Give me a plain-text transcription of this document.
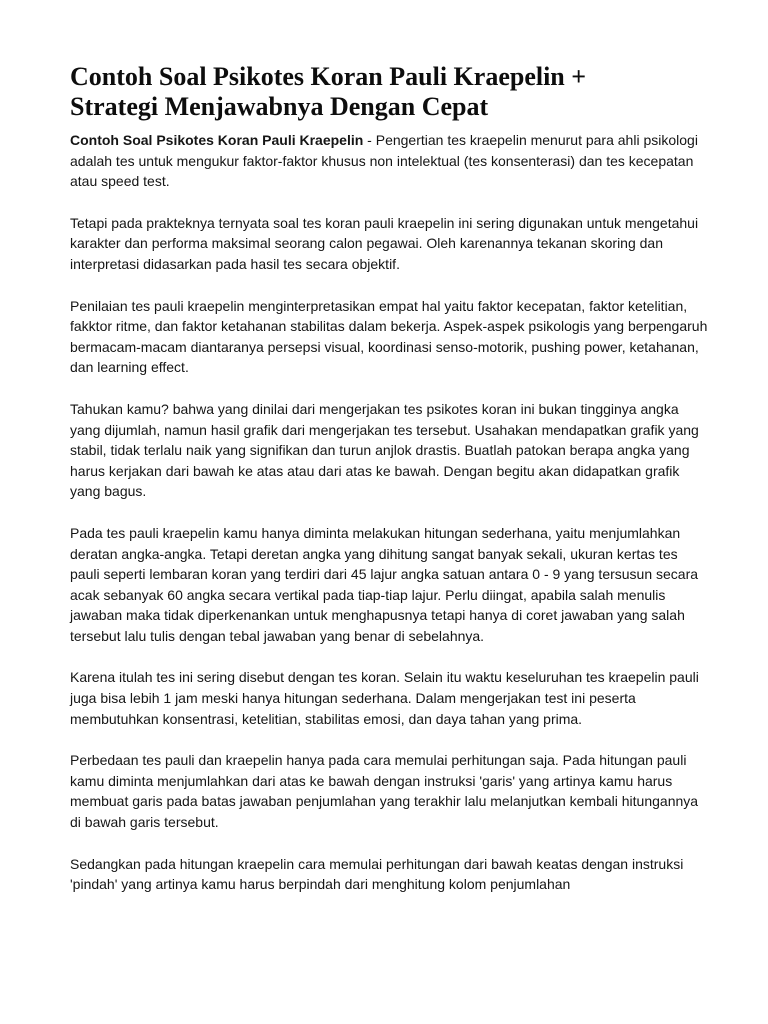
Contoh Soal Psikotes Koran Pauli Kraepelin +
Strategi Menjawabnya Dengan Cepat

Contoh Soal Psikotes Koran Pauli Kraepelin - Pengertian tes kraepelin menurut para ahli psikologi adalah tes untuk mengukur faktor-faktor khusus non intelektual (tes konsenterasi) dan tes kecepatan atau speed test.

Tetapi pada prakteknya ternyata soal tes koran pauli kraepelin ini sering digunakan untuk mengetahui karakter dan performa maksimal seorang calon pegawai. Oleh karenannya tekanan skoring dan interpretasi didasarkan pada hasil tes secara objektif.

Penilaian tes pauli kraepelin menginterpretasikan empat hal yaitu faktor kecepatan, faktor ketelitian, fakktor ritme, dan faktor ketahanan stabilitas dalam bekerja. Aspek-aspek psikologis yang berpengaruh bermacam-macam diantaranya persepsi visual, koordinasi senso-motorik, pushing power, ketahanan, dan learning effect.

Tahukan kamu? bahwa yang dinilai dari mengerjakan tes psikotes koran ini bukan tingginya angka yang dijumlah, namun hasil grafik dari mengerjakan tes tersebut. Usahakan mendapatkan grafik yang stabil, tidak terlalu naik yang signifikan dan turun anjlok drastis. Buatlah patokan berapa angka yang harus kerjakan dari bawah ke atas atau dari atas ke bawah. Dengan begitu akan didapatkan grafik yang bagus.

Pada tes pauli kraepelin kamu hanya diminta melakukan hitungan sederhana, yaitu menjumlahkan deratan angka-angka. Tetapi deretan angka yang dihitung sangat banyak sekali, ukuran kertas tes pauli seperti lembaran koran yang terdiri dari 45 lajur angka satuan antara 0 - 9 yang tersusun secara acak sebanyak 60 angka secara vertikal pada tiap-tiap lajur. Perlu diingat, apabila salah menulis jawaban maka tidak diperkenankan untuk menghapusnya tetapi hanya di coret jawaban yang salah tersebut lalu tulis dengan tebal jawaban yang benar di sebelahnya.

Karena itulah tes ini sering disebut dengan tes koran. Selain itu waktu keseluruhan tes kraepelin pauli juga bisa lebih 1 jam meski hanya hitungan sederhana. Dalam mengerjakan test ini peserta membutuhkan konsentrasi, ketelitian, stabilitas emosi, dan daya tahan yang prima.

Perbedaan tes pauli dan kraepelin hanya pada cara memulai perhitungan saja. Pada hitungan pauli kamu diminta menjumlahkan dari atas ke bawah dengan instruksi 'garis' yang artinya kamu harus membuat garis pada batas jawaban penjumlahan yang terakhir lalu melanjutkan kembali hitungannya di bawah garis tersebut.

Sedangkan pada hitungan kraepelin cara memulai perhitungan dari bawah keatas dengan instruksi 'pindah' yang artinya kamu harus berpindah dari menghitung kolom penjumlahan
